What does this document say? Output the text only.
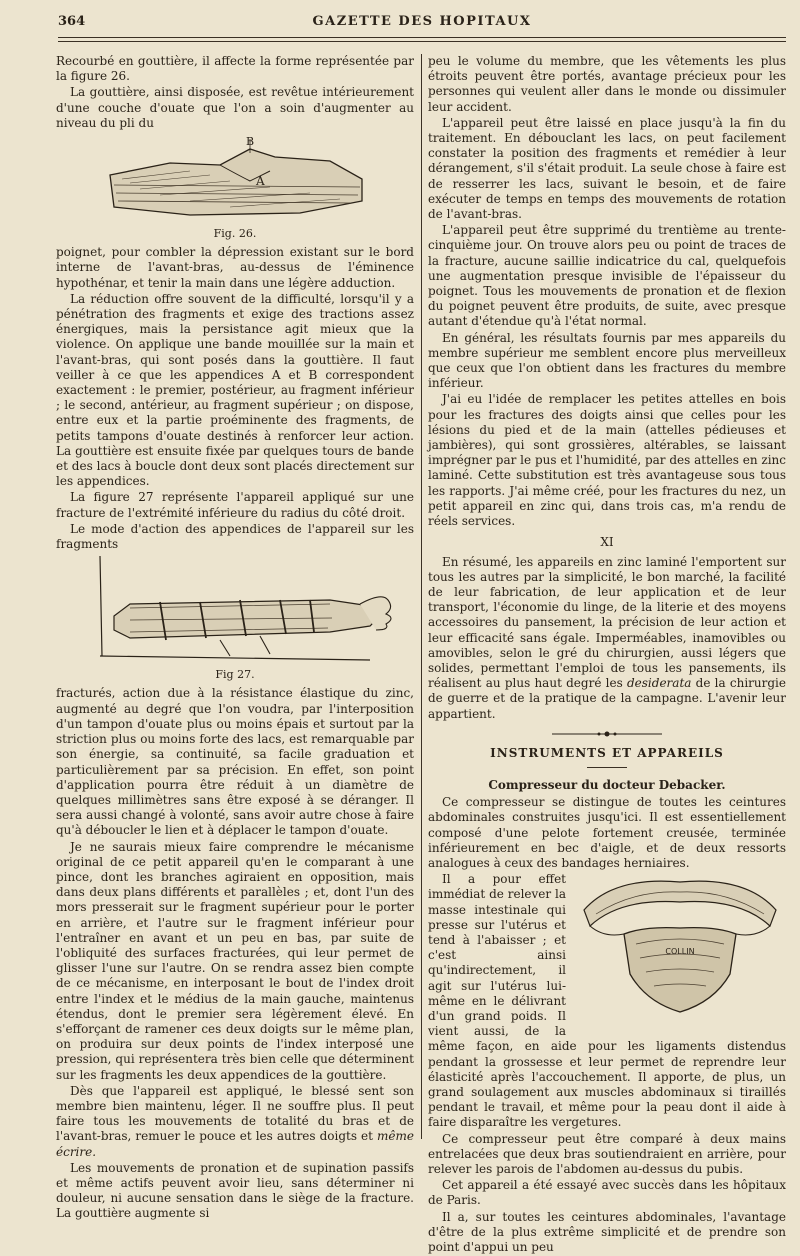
364	GAZETTE DES HOPITAUX

Recourbé en gouttière, il affecte la forme représentée par la figure 26.

La gouttière, ainsi disposée, est revêtue intérieurement d'une couche d'ouate que l'on a soin d'augmenter au niveau du pli du

B
A
Fig. 26.

poignet, pour combler la dépression existant sur le bord interne de l'avant-bras, au-dessus de l'éminence hypothénar, et tenir la main dans une légère adduction.

La réduction offre souvent de la difficulté, lorsqu'il y a pénétration des fragments et exige des tractions assez énergiques, mais la persistance agit mieux que la violence. On applique une bande mouillée sur la main et l'avant-bras, qui sont posés dans la gouttière. Il faut veiller à ce que les appendices A et B correspondent exactement : le premier, postérieur, au fragment inférieur ; le second, antérieur, au fragment supérieur ; on dispose, entre eux et la partie proéminente des fragments, de petits tampons d'ouate destinés à renforcer leur action. La gouttière est ensuite fixée par quelques tours de bande et des lacs à boucle dont deux sont placés directement sur les appendices.

La figure 27 représente l'appareil appliqué sur une fracture de l'extrémité inférieure du radius du côté droit.

Le mode d'action des appendices de l'appareil sur les fragments

Fig 27.

fracturés, action due à la résistance élastique du zinc, augmenté au degré que l'on voudra, par l'interposition d'un tampon d'ouate plus ou moins épais et surtout par la striction plus ou moins forte des lacs, est remarquable par son énergie, sa continuité, sa facile graduation et particulièrement par sa précision. En effet, son point d'application pourra être réduit à un diamètre de quelques millimètres sans être exposé à se déranger. Il sera aussi changé à volonté, sans avoir autre chose à faire qu'à déboucler le lien et à déplacer le tampon d'ouate.

Je ne saurais mieux faire comprendre le mécanisme original de ce petit appareil qu'en le comparant à une pince, dont les branches agiraient en opposition, mais dans deux plans différents et parallèles ; et, dont l'un des mors presserait sur le fragment supérieur pour le porter en arrière, et l'autre sur le fragment inférieur pour l'entraîner en avant et un peu en bas, par suite de l'obliquité des surfaces fracturées, qui leur permet de glisser l'une sur l'autre. On se rendra assez bien compte de ce mécanisme, en interposant le bout de l'index droit entre l'index et le médius de la main gauche, maintenus étendus, dont le premier sera légèrement élevé. En s'efforçant de ramener ces deux doigts sur le même plan, on produira sur deux points de l'index interposé une pression, qui représentera très bien celle que déterminent sur les fragments les deux appendices de la gouttière.

Dès que l'appareil est appliqué, le blessé sent son membre bien maintenu, léger. Il ne souffre plus. Il peut faire tous les mouvements de totalité du bras et de l'avant-bras, remuer le pouce et les autres doigts et même écrire.

Les mouvements de pronation et de supination passifs et même actifs peuvent avoir lieu, sans déterminer ni douleur, ni aucune sensation dans le siège de la fracture. La gouttière augmente si

peu le volume du membre, que les vêtements les plus étroits peuvent être portés, avantage précieux pour les personnes qui veulent aller dans le monde ou dissimuler leur accident.

L'appareil peut être laissé en place jusqu'à la fin du traitement. En débouclant les lacs, on peut facilement constater la position des fragments et remédier à leur dérangement, s'il s'était produit. La seule chose à faire est de resserrer les lacs, suivant le besoin, et de faire exécuter de temps en temps des mouvements de rotation de l'avant-bras.

L'appareil peut être supprimé du trentième au trente-cinquième jour. On trouve alors peu ou point de traces de la fracture, aucune saillie indicatrice du cal, quelquefois une augmentation presque invisible de l'épaisseur du poignet. Tous les mouvements de pronation et de flexion du poignet peuvent être produits, de suite, avec presque autant d'étendue qu'à l'état normal.

En général, les résultats fournis par mes appareils du membre supérieur me semblent encore plus merveilleux que ceux que l'on obtient dans les fractures du membre inférieur.

J'ai eu l'idée de remplacer les petites attelles en bois pour les fractures des doigts ainsi que celles pour les lésions du pied et de la main (attelles pédieuses et jambières), qui sont grossières, altérables, se laissant imprégner par le pus et l'humidité, par des attelles en zinc laminé. Cette substitution est très avantageuse sous tous les rapports. J'ai même créé, pour les fractures du nez, un petit appareil en zinc qui, dans trois cas, m'a rendu de réels services.

XI

En résumé, les appareils en zinc laminé l'emportent sur tous les autres par la simplicité, le bon marché, la facilité de leur fabrication, de leur application et de leur transport, l'économie du linge, de la literie et des moyens accessoires du pansement, la précision de leur action et leur efficacité sans égale. Imperméables, inamovibles ou amovibles, selon le gré du chirurgien, aussi légers que solides, permettant l'emploi de tous les pansements, ils réalisent au plus haut degré les desiderata de la chirurgie de guerre et de la pratique de la campagne. L'avenir leur appartient.

INSTRUMENTS ET APPAREILS
Compresseur du docteur Debacker.

Ce compresseur se distingue de toutes les ceintures abdominales construites jusqu'ici. Il est essentiellement composé d'une pelote fortement creusée, terminée inférieurement en bec d'aigle, et de deux ressorts analogues à ceux des bandages herniaires.

COLLIN

Il a pour effet immédiat de relever la masse intestinale qui presse sur l'utérus et tend à l'abaisser ; et c'est ainsi qu'indirectement, il agit sur l'utérus lui-même en le délivrant d'un grand poids. Il vient aussi, de la même façon, en aide pour les ligaments distendus pendant la grossesse et leur permet de reprendre leur élasticité après l'accouchement. Il apporte, de plus, un grand soulagement aux muscles abdominaux si tiraillés pendant le travail, et même pour la peau dont il aide à faire disparaître les vergetures.

Ce compresseur peut être comparé à deux mains entrelacées que deux bras soutiendraient en arrière, pour relever les parois de l'abdomen au-dessus du pubis.

Cet appareil a été essayé avec succès dans les hôpitaux de Paris.

Il a, sur toutes les ceintures abdominales, l'avantage d'être de la plus extrême simplicité et de prendre son point d'appui un peu
